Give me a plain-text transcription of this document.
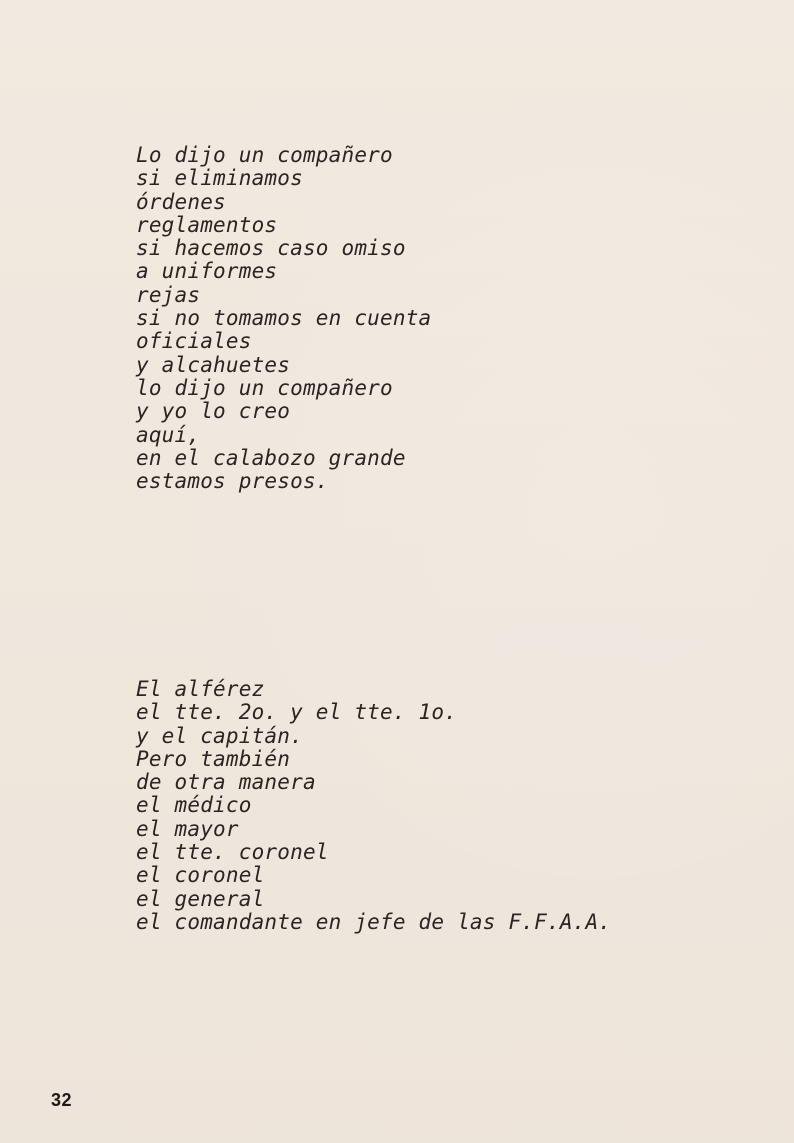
Lo dijo un compañero
si eliminamos
órdenes
reglamentos
si hacemos caso omiso
a uniformes
rejas
si no tomamos en cuenta
oficiales
y alcahuetes
lo dijo un compañero
y yo lo creo
aquí,
en el calabozo grande
estamos presos.
El alférez
el tte. 2o. y el tte. 1o.
y el capitán.
Pero también
de otra manera
el médico
el mayor
el tte. coronel
el coronel
el general
el comandante en jefe de las F.F.A.A.
32
